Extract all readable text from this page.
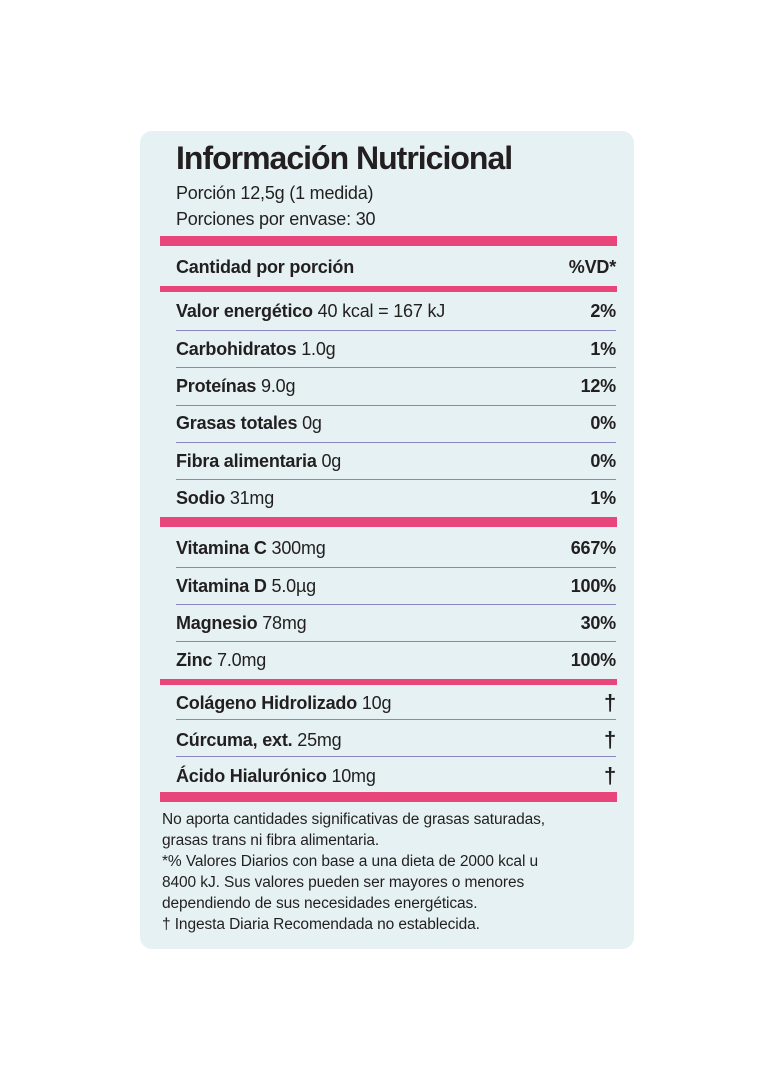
Información Nutricional
Porción 12,5g (1 medida)
Porciones por envase: 30
Cantidad por porción	%VD*
Valor energético 40 kcal = 167 kJ	2%
Carbohidratos 1.0g	1%
Proteínas 9.0g	12%
Grasas totales 0g	0%
Fibra alimentaria 0g	0%
Sodio 31mg	1%
Vitamina C 300mg	667%
Vitamina D 5.0µg	100%
Magnesio 78mg	30%
Zinc 7.0mg	100%
Colágeno Hidrolizado 10g	†
Cúrcuma, ext. 25mg	†
Ácido Hialurónico 10mg	†
No aporta cantidades significativas de grasas saturadas,
grasas trans ni fibra alimentaria.
*% Valores Diarios con base a una dieta de 2000 kcal u
8400 kJ. Sus valores pueden ser mayores o menores
dependiendo de sus necesidades energéticas.
† Ingesta Diaria Recomendada no establecida.
